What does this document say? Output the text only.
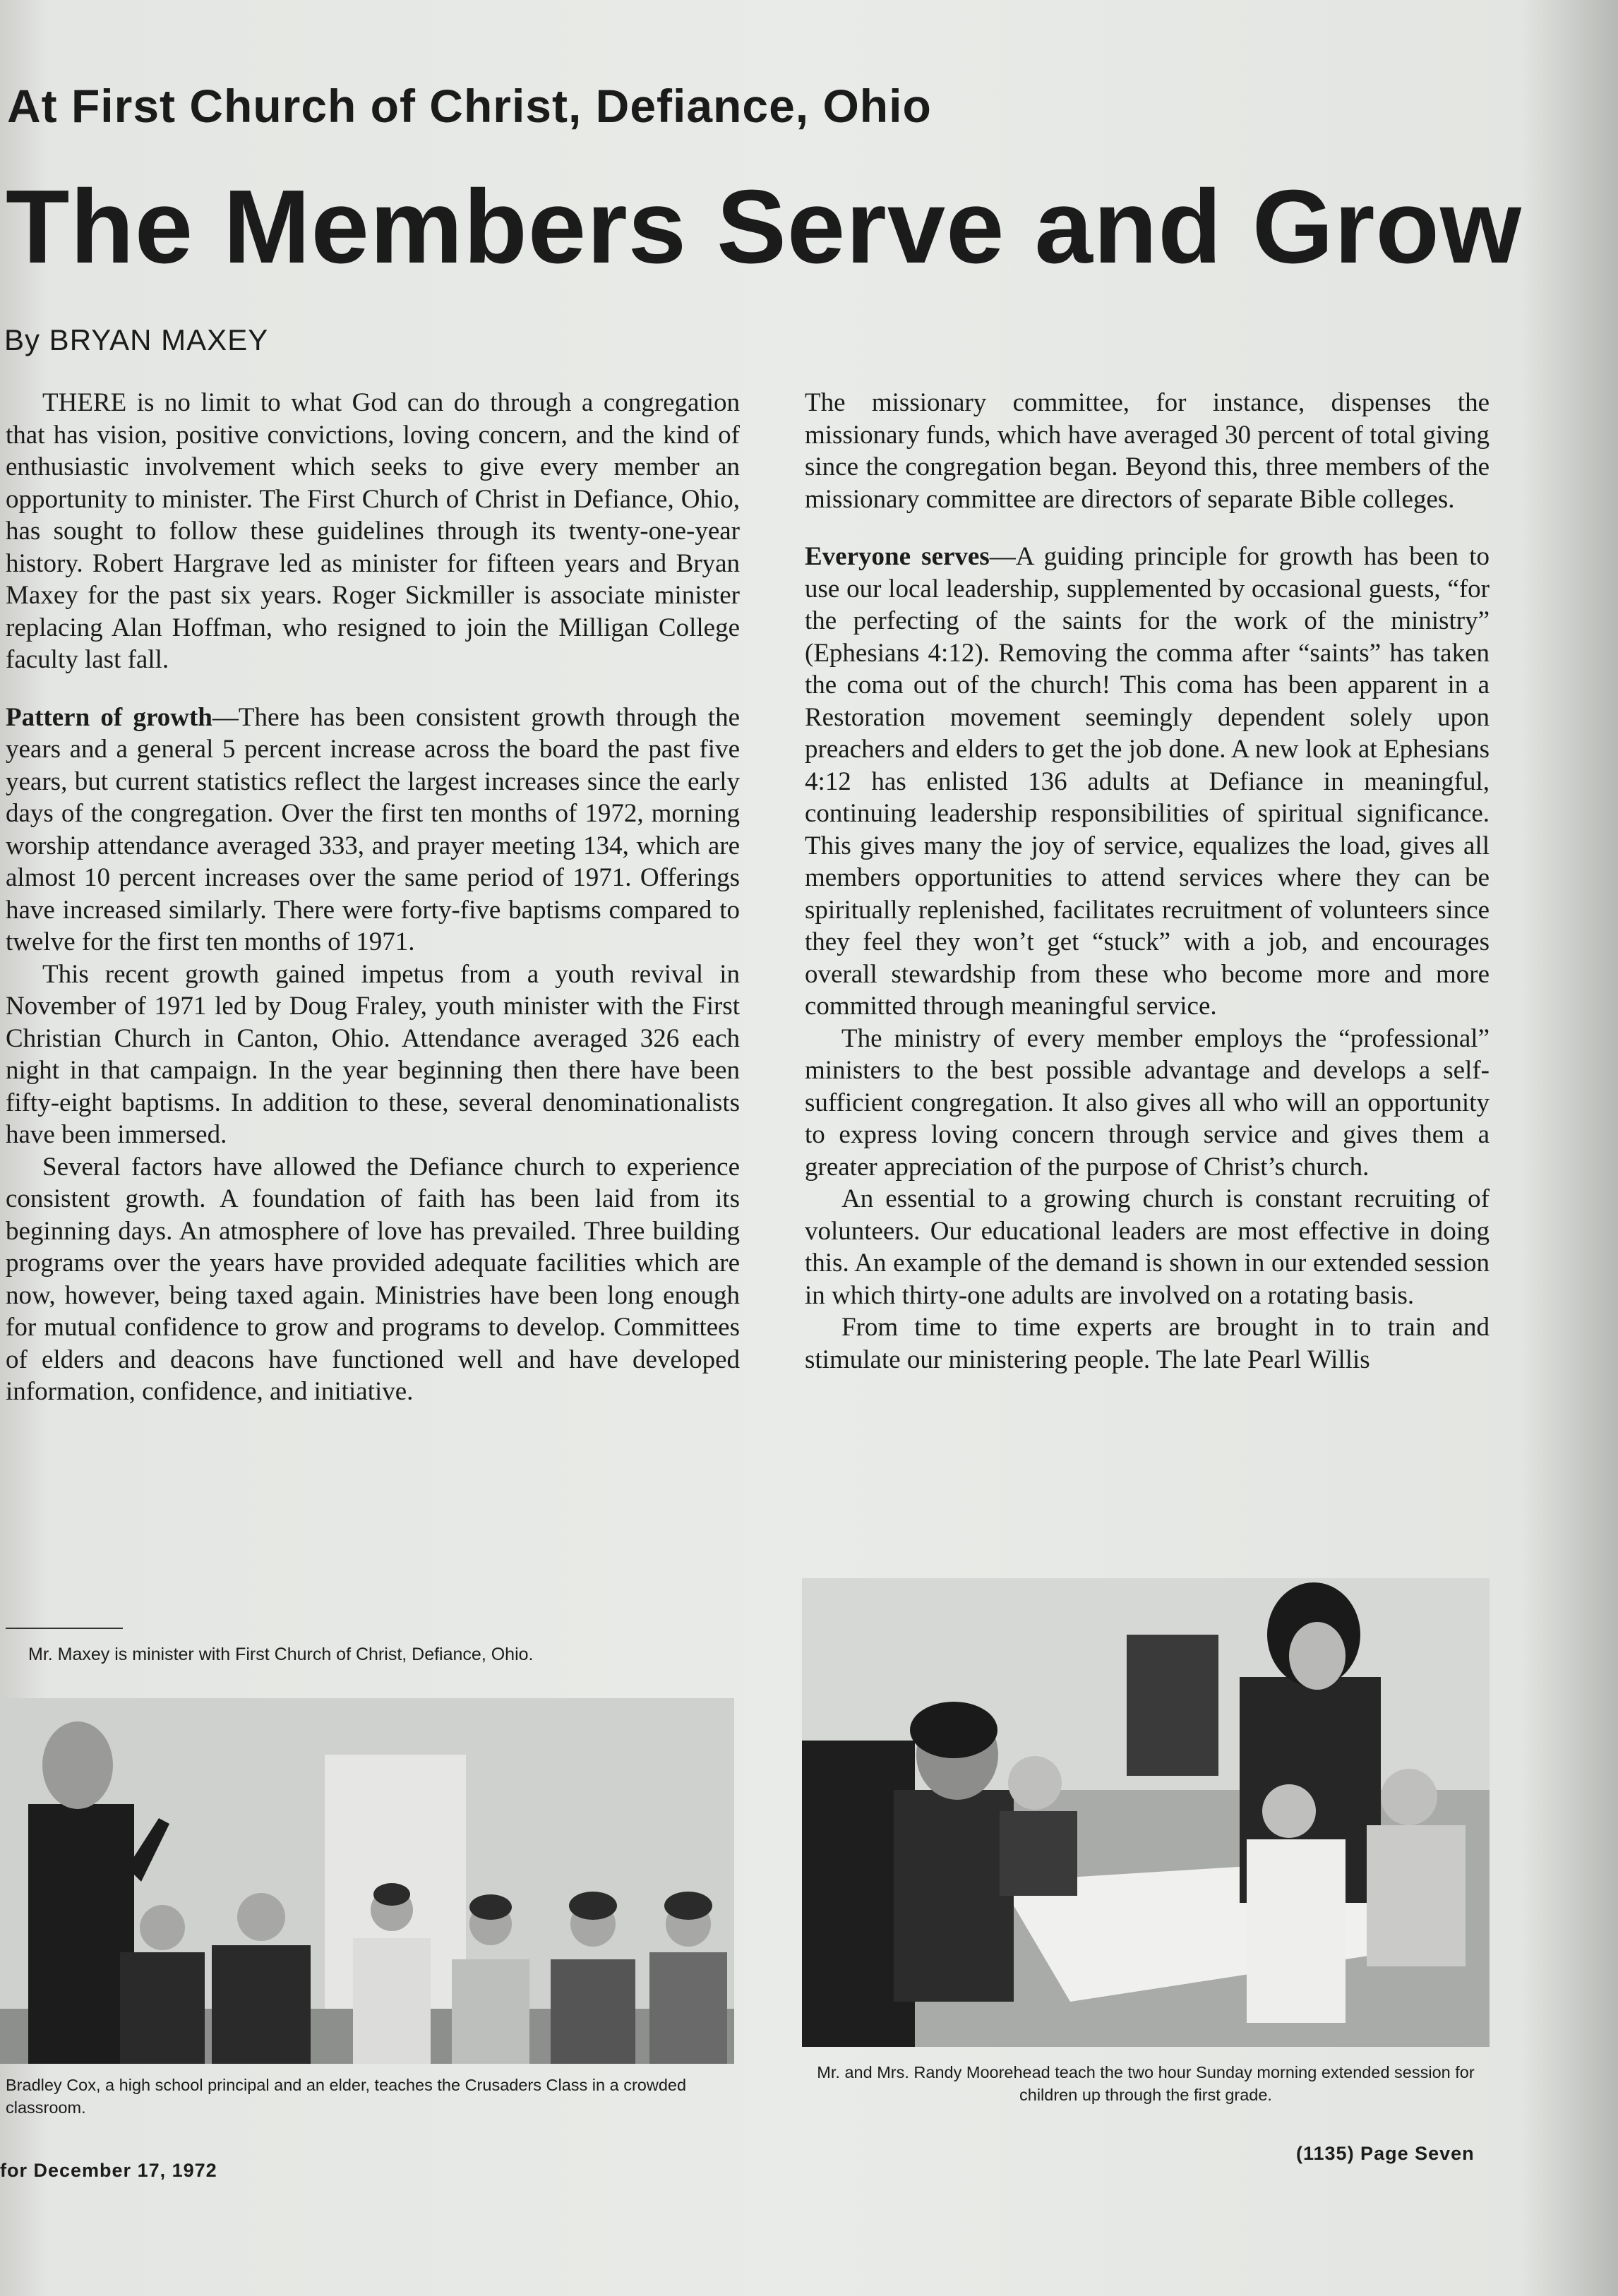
At First Church of Christ, Defiance, Ohio
The Members Serve and Grow
By BRYAN MAXEY

THERE is no limit to what God can do through a congregation that has vision, positive convictions, loving concern, and the kind of enthusiastic involvement which seeks to give every member an opportunity to minister. The First Church of Christ in Defiance, Ohio, has sought to follow these guidelines through its twenty-one-year history. Robert Hargrave led as minister for fifteen years and Bryan Maxey for the past six years. Roger Sickmiller is associate minister replacing Alan Hoffman, who resigned to join the Milligan College faculty last fall.

Pattern of growth—There has been consistent growth through the years and a general 5 percent increase across the board the past five years, but current statistics reflect the largest increases since the early days of the congregation. Over the first ten months of 1972, morning worship attendance averaged 333, and prayer meeting 134, which are almost 10 percent increases over the same period of 1971. Offerings have increased similarly. There were forty-five baptisms compared to twelve for the first ten months of 1971.

This recent growth gained impetus from a youth revival in November of 1971 led by Doug Fraley, youth minister with the First Christian Church in Canton, Ohio. Attendance averaged 326 each night in that campaign. In the year beginning then there have been fifty-eight baptisms. In addition to these, several denominationalists have been immersed.

Several factors have allowed the Defiance church to experience consistent growth. A foundation of faith has been laid from its beginning days. An atmosphere of love has prevailed. Three building programs over the years have provided adequate facilities which are now, however, being taxed again. Ministries have been long enough for mutual confidence to grow and programs to develop. Committees of elders and deacons have functioned well and have developed information, confidence, and initiative.

The missionary committee, for instance, dispenses the missionary funds, which have averaged 30 percent of total giving since the congregation began. Beyond this, three members of the missionary committee are directors of separate Bible colleges.

Everyone serves—A guiding principle for growth has been to use our local leadership, supplemented by occasional guests, “for the perfecting of the saints for the work of the ministry” (Ephesians 4:12). Removing the comma after “saints” has taken the coma out of the church! This coma has been apparent in a Restoration movement seemingly dependent solely upon preachers and elders to get the job done. A new look at Ephesians 4:12 has enlisted 136 adults at Defiance in meaningful, continuing leadership responsibilities of spiritual significance. This gives many the joy of service, equalizes the load, gives all members opportunities to attend services where they can be spiritually replenished, facilitates recruitment of volunteers since they feel they won’t get “stuck” with a job, and encourages overall stewardship from these who become more and more committed through meaningful service.

The ministry of every member employs the “professional” ministers to the best possible advantage and develops a self-sufficient congregation. It also gives all who will an opportunity to express loving concern through service and gives them a greater appreciation of the purpose of Christ’s church.

An essential to a growing church is constant recruiting of volunteers. Our educational leaders are most effective in doing this. An example of the demand is shown in our extended session in which thirty-one adults are involved on a rotating basis.

From time to time experts are brought in to train and stimulate our ministering people. The late Pearl Willis

Mr. Maxey is minister with First Church of Christ, Defiance, Ohio.
Bradley Cox, a high school principal and an elder, teaches the Crusaders Class in a crowded classroom.
Mr. and Mrs. Randy Moorehead teach the two hour Sunday morning extended session for children up through the first grade.
for December 17, 1972
(1135) Page Seven
